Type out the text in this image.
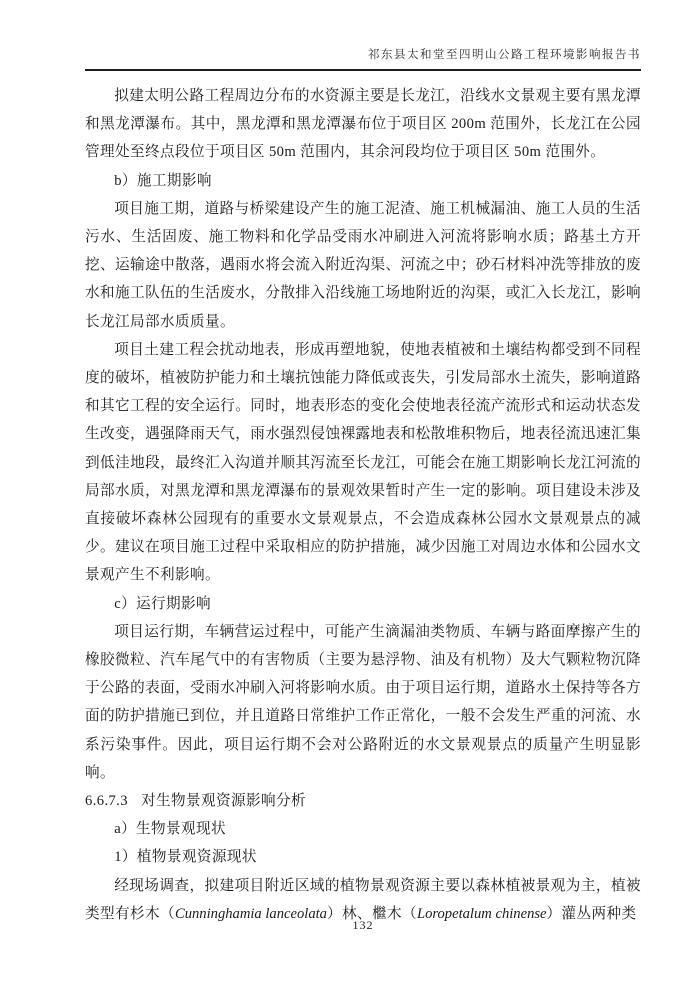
祁东县太和堂至四明山公路工程环境影响报告书

拟建太明公路工程周边分布的水资源主要是长龙江，沿线水文景观主要有黑龙潭和黑龙潭瀑布。其中，黑龙潭和黑龙潭瀑布位于项目区 200m 范围外，长龙江在公园管理处至终点段位于项目区 50m 范围内，其余河段均位于项目区 50m 范围外。

b）施工期影响

项目施工期，道路与桥梁建设产生的施工泥渣、施工机械漏油、施工人员的生活污水、生活固废、施工物料和化学品受雨水冲刷进入河流将影响水质；路基土方开挖、运输途中散落，遇雨水将会流入附近沟渠、河流之中；砂石材料冲洗等排放的废水和施工队伍的生活废水，分散排入沿线施工场地附近的沟渠，或汇入长龙江，影响长龙江局部水质质量。

项目土建工程会扰动地表，形成再塑地貌，使地表植被和土壤结构都受到不同程度的破坏，植被防护能力和土壤抗蚀能力降低或丧失，引发局部水土流失，影响道路和其它工程的安全运行。同时，地表形态的变化会使地表径流产流形式和运动状态发生改变，遇强降雨天气，雨水强烈侵蚀裸露地表和松散堆积物后，地表径流迅速汇集到低洼地段，最终汇入沟道并顺其泻流至长龙江，可能会在施工期影响长龙江河流的局部水质，对黑龙潭和黑龙潭瀑布的景观效果暂时产生一定的影响。项目建设未涉及直接破坏森林公园现有的重要水文景观景点，不会造成森林公园水文景观景点的减少。建议在项目施工过程中采取相应的防护措施，减少因施工对周边水体和公园水文景观产生不利影响。

c）运行期影响

项目运行期，车辆营运过程中，可能产生滴漏油类物质、车辆与路面摩擦产生的橡胶微粒、汽车尾气中的有害物质（主要为悬浮物、油及有机物）及大气颗粒物沉降于公路的表面，受雨水冲刷入河将影响水质。由于项目运行期，道路水土保持等各方面的防护措施已到位，并且道路日常维护工作正常化，一般不会发生严重的河流、水系污染事件。因此，项目运行期不会对公路附近的水文景观景点的质量产生明显影响。

6.6.7.3 对生物景观资源影响分析

a）生物景观现状

1）植物景观资源现状

经现场调查，拟建项目附近区域的植物景观资源主要以森林植被景观为主，植被类型有杉木（Cunninghamia lanceolata）林、檵木（Loropetalum chinense）灌丛两种类

132
